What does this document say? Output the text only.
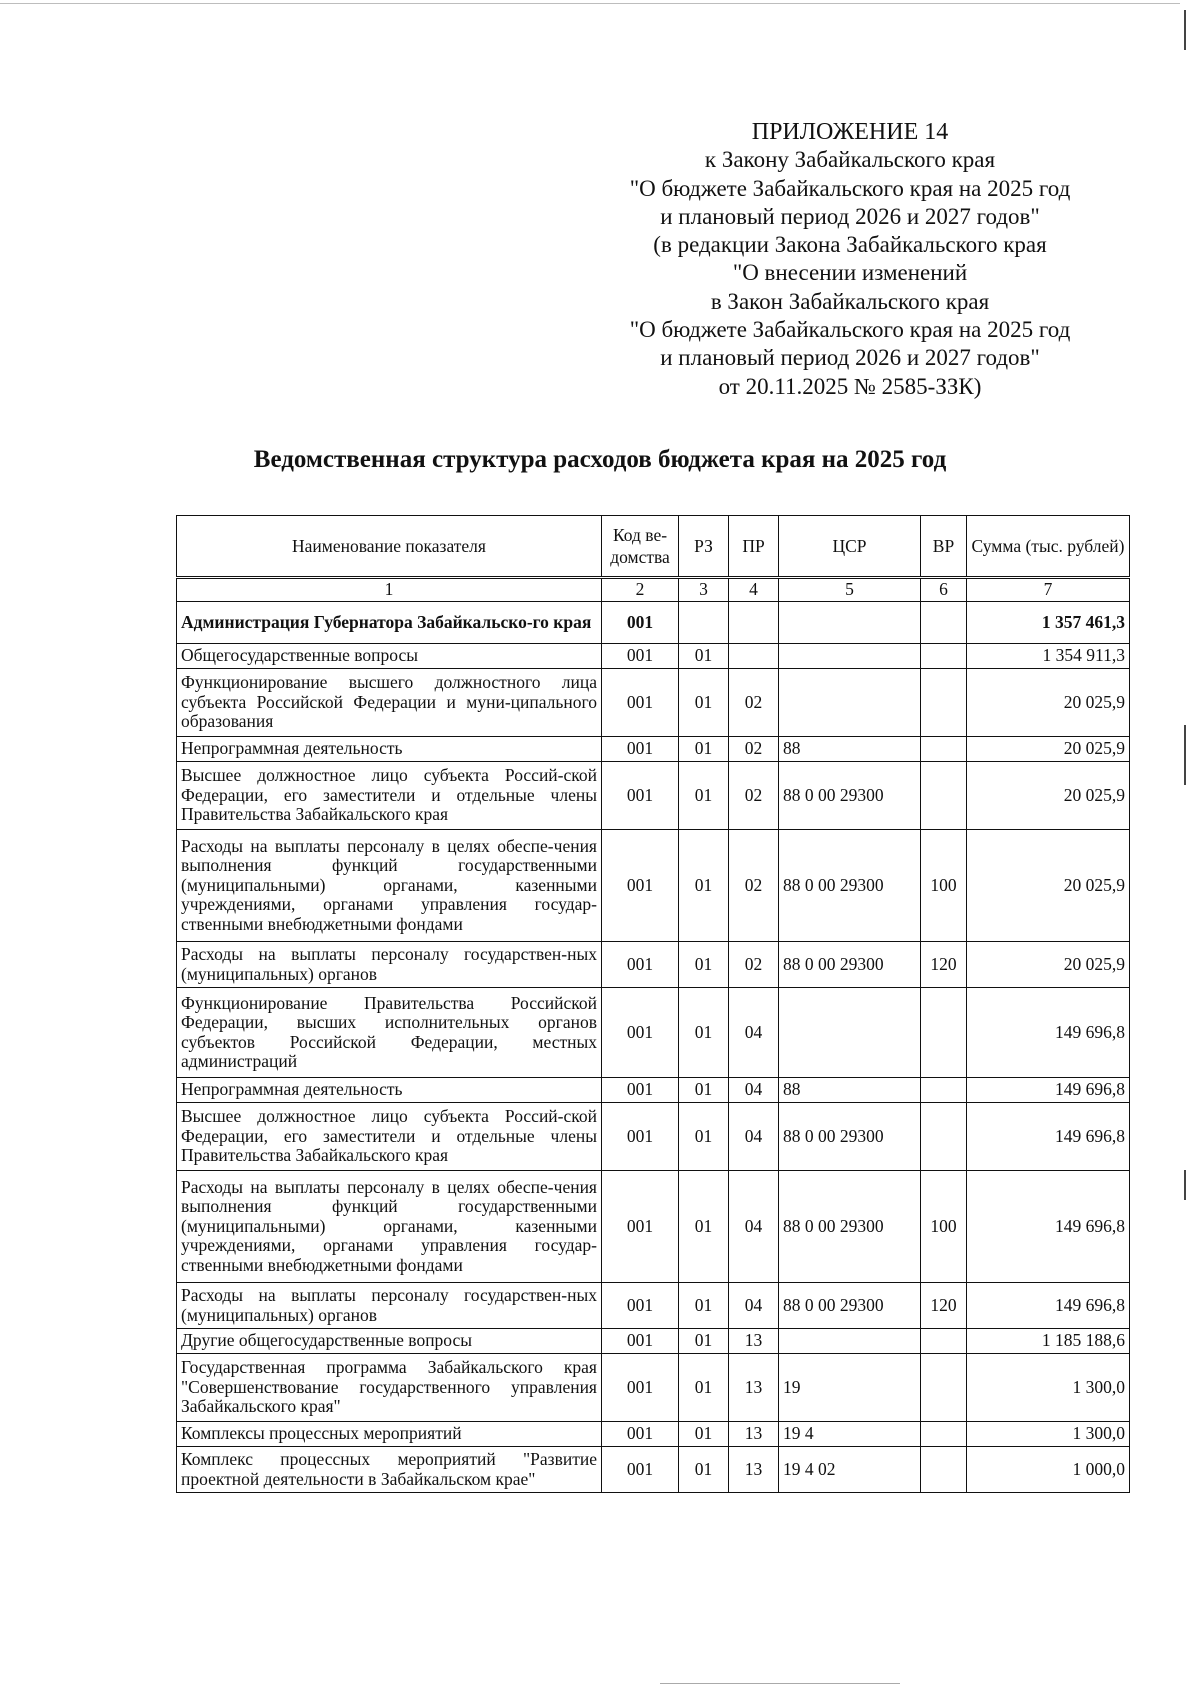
ПРИЛОЖЕНИЕ 14
к Закону Забайкальского края
"О бюджете Забайкальского края на 2025 год
и плановый период 2026 и 2027 годов"
(в редакции Закона Забайкальского края
"О внесении изменений
в Закон Забайкальского края
"О бюджете Забайкальского края на 2025 год
и плановый период 2026 и 2027 годов"
от 20.11.2025 № 2585-ЗЗК)
Ведомственная структура расходов бюджета края на 2025 год
Наименование показателя	Код ве-домства	РЗ	ПР	ЦСР	ВР	Сумма (тыс. рублей)
1	2	3	4	5	6	7
Администрация Губернатора Забайкальско-го края	001					1 357 461,3
Общегосударственные вопросы	001	01				1 354 911,3
Функционирование высшего должностного лица субъекта Российской Федерации и муни-ципального образования	001	01	02			20 025,9
Непрограммная деятельность	001	01	02	88		20 025,9
Высшее должностное лицо субъекта Россий-ской Федерации, его заместители и отдельные члены Правительства Забайкальского края	001	01	02	88 0 00 29300		20 025,9
Расходы на выплаты персоналу в целях обеспе-чения выполнения функций государственными (муниципальными) органами, казенными учреждениями, органами управления государ-ственными внебюджетными фондами	001	01	02	88 0 00 29300	100	20 025,9
Расходы на выплаты персоналу государствен-ных (муниципальных) органов	001	01	02	88 0 00 29300	120	20 025,9
Функционирование Правительства Российской Федерации, высших исполнительных органов субъектов Российской Федерации, местных администраций	001	01	04			149 696,8
Непрограммная деятельность	001	01	04	88		149 696,8
Высшее должностное лицо субъекта Россий-ской Федерации, его заместители и отдельные члены Правительства Забайкальского края	001	01	04	88 0 00 29300		149 696,8
Расходы на выплаты персоналу в целях обеспе-чения выполнения функций государственными (муниципальными) органами, казенными учреждениями, органами управления государ-ственными внебюджетными фондами	001	01	04	88 0 00 29300	100	149 696,8
Расходы на выплаты персоналу государствен-ных (муниципальных) органов	001	01	04	88 0 00 29300	120	149 696,8
Другие общегосударственные вопросы	001	01	13			1 185 188,6
Государственная программа Забайкальского края "Совершенствование государственного управления Забайкальского края"	001	01	13	19		1 300,0
Комплексы процессных мероприятий	001	01	13	19 4		1 300,0
Комплекс процессных мероприятий "Развитие проектной деятельности в Забайкальском крае"	001	01	13	19 4 02		1 000,0
